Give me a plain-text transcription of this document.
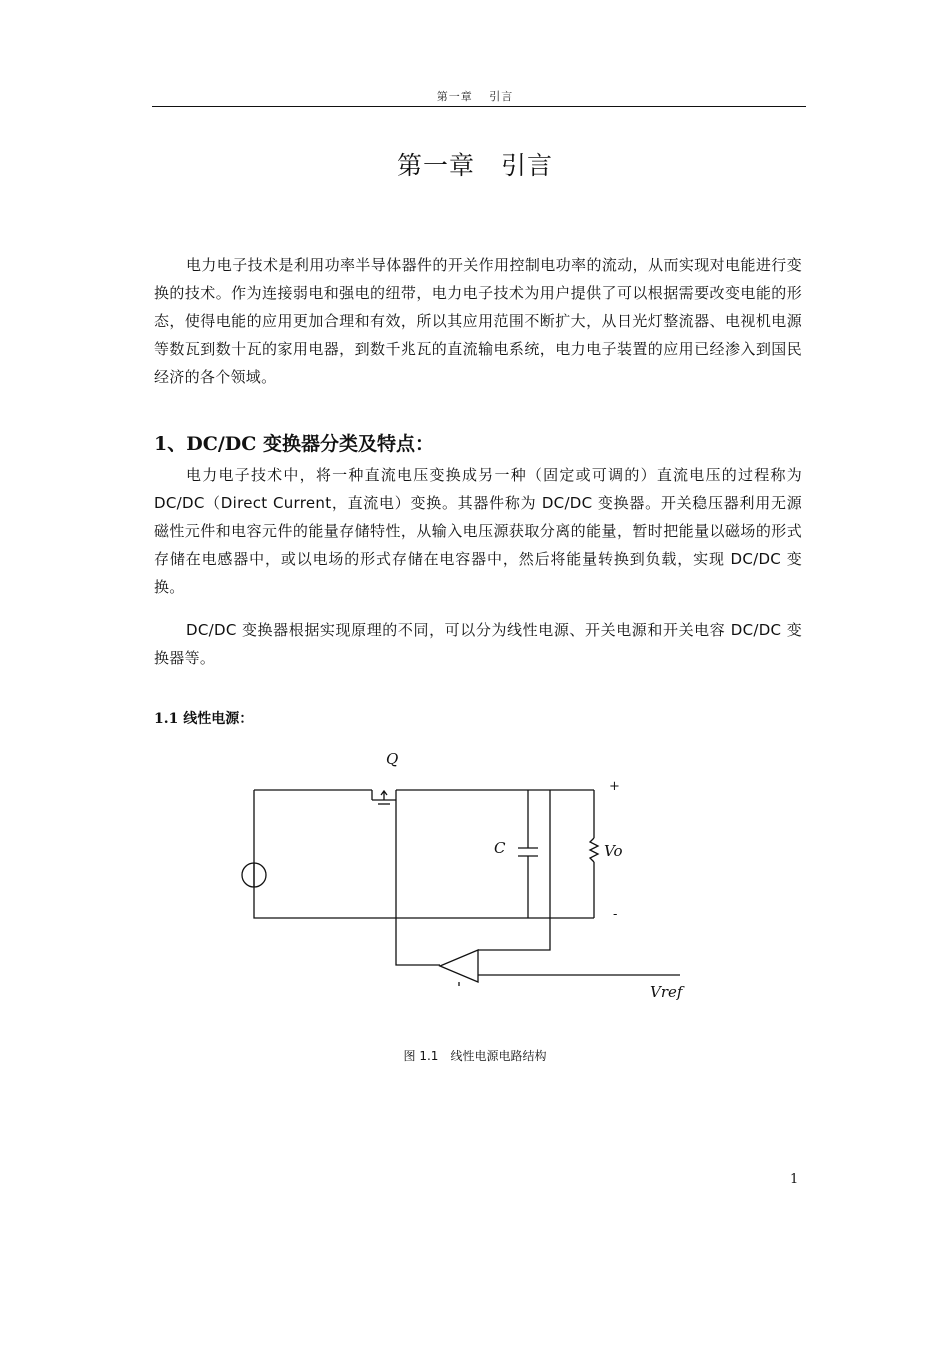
第一章　 引言
第一章　引言
电力电子技术是利用功率半导体器件的开关作用控制电功率的流动，从而实现对电能进行变换的技术。作为连接弱电和强电的纽带，电力电子技术为用户提供了可以根据需要改变电能的形态，使得电能的应用更加合理和有效，所以其应用范围不断扩大，从日光灯整流器、电视机电源等数瓦到数十瓦的家用电器，到数千兆瓦的直流输电系统，电力电子装置的应用已经渗入到国民经济的各个领域。
1、DC/DC 变换器分类及特点：
电力电子技术中，将一种直流电压变换成另一种（固定或可调的）直流电压的过程称为 DC/DC（Direct Current，直流电）变换。其器件称为 DC/DC 变换器。开关稳压器利用无源磁性元件和电容元件的能量存储特性，从输入电压源获取分离的能量，暂时把能量以磁场的形式存储在电感器中，或以电场的形式存储在电容器中，然后将能量转换到负载，实现 DC/DC 变换。
DC/DC 变换器根据实现原理的不同，可以分为线性电源、开关电源和开关电容 DC/DC 变换器等。
1.1 线性电源：
Q
+
C	Vo
-
Vref
图 1.1　线性电源电路结构
1
